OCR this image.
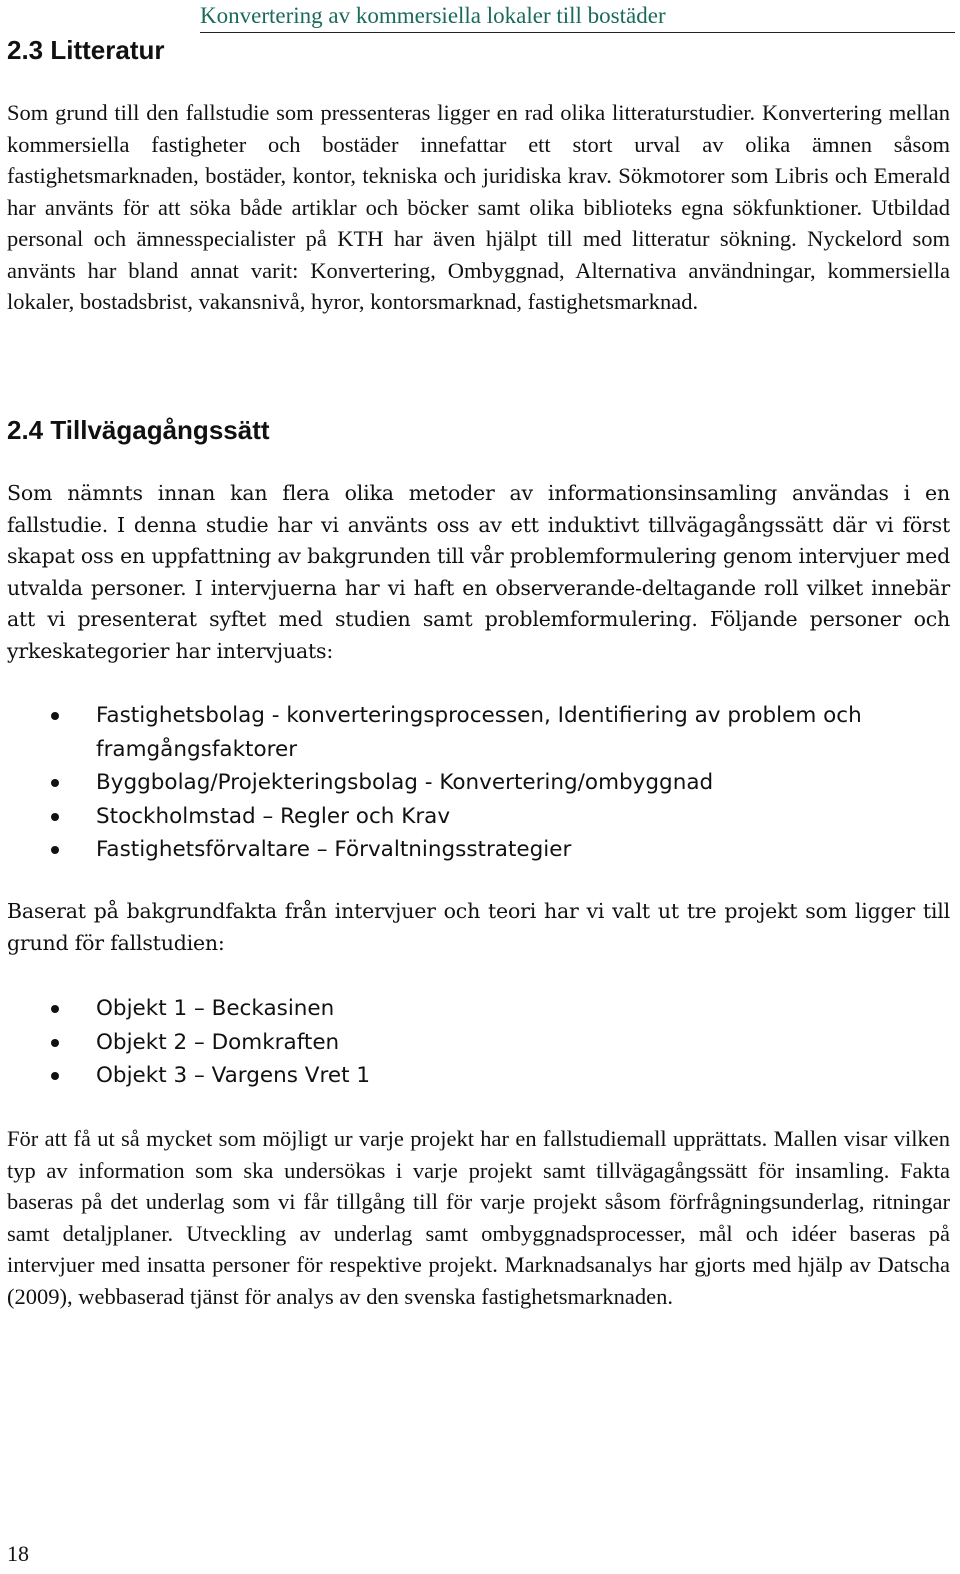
Konvertering av kommersiella lokaler till bostäder
2.3 Litteratur

Som grund till den fallstudie som pressenteras ligger en rad olika litteraturstudier. Konvertering mellan kommersiella fastigheter och bostäder innefattar ett stort urval av olika ämnen såsom fastighetsmarknaden, bostäder, kontor, tekniska och juridiska krav. Sökmotorer som Libris och Emerald har använts för att söka både artiklar och böcker samt olika biblioteks egna sökfunktioner. Utbildad personal och ämnesspecialister på KTH har även hjälpt till med litteratur sökning. Nyckelord som använts har bland annat varit: Konvertering, Ombyggnad, Alternativa användningar, kommersiella lokaler, bostadsbrist, vakansnivå, hyror, kontorsmarknad, fastighetsmarknad.

2.4 Tillvägagångssätt

Som nämnts innan kan flera olika metoder av informationsinsamling användas i en fallstudie. I denna studie har vi använts oss av ett induktivt tillvägagångssätt där vi först skapat oss en uppfattning av bakgrunden till vår problemformulering genom intervjuer med utvalda personer. I intervjuerna har vi haft en observerande-deltagande roll vilket innebär att vi presenterat syftet med studien samt problemformulering. Följande personer och yrkeskategorier har intervjuats:

Fastighetsbolag - konverteringsprocessen, Identifiering av problem och framgångsfaktorer
Byggbolag/Projekteringsbolag - Konvertering/ombyggnad
Stockholmstad – Regler och Krav
Fastighetsförvaltare – Förvaltningsstrategier

Baserat på bakgrundfakta från intervjuer och teori har vi valt ut tre projekt som ligger till grund för fallstudien:

Objekt 1 – Beckasinen
Objekt 2 – Domkraften
Objekt 3 – Vargens Vret 1

För att få ut så mycket som möjligt ur varje projekt har en fallstudiemall upprättats. Mallen visar vilken typ av information som ska undersökas i varje projekt samt tillvägagångssätt för insamling. Fakta baseras på det underlag som vi får tillgång till för varje projekt såsom förfrågningsunderlag, ritningar samt detaljplaner. Utveckling av underlag samt ombyggnadsprocesser, mål och idéer baseras på intervjuer med insatta personer för respektive projekt. Marknadsanalys har gjorts med hjälp av Datscha (2009), webbaserad tjänst för analys av den svenska fastighetsmarknaden.

18
